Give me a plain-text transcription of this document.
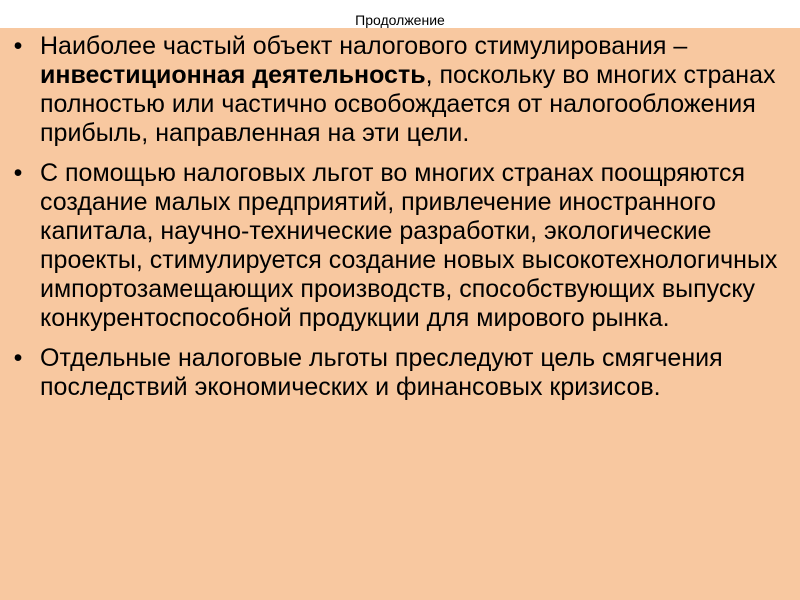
Продолжение
• Наиболее частый объект налогового стимулирования – инвестиционная деятельность, поскольку во многих странах полностью или частично освобождается от налогообложения прибыль, направленная на эти цели.
• С помощью налоговых льгот во многих странах поощряются создание малых предприятий, привлечение иностранного капитала, научно-технические разработки, экологические проекты, стимулируется создание новых высокотехнологичных импортозамещающих производств, способствующих выпуску конкурентоспособной продукции для мирового рынка.
• Отдельные налоговые льготы преследуют цель смягчения последствий экономических и финансовых кризисов.
